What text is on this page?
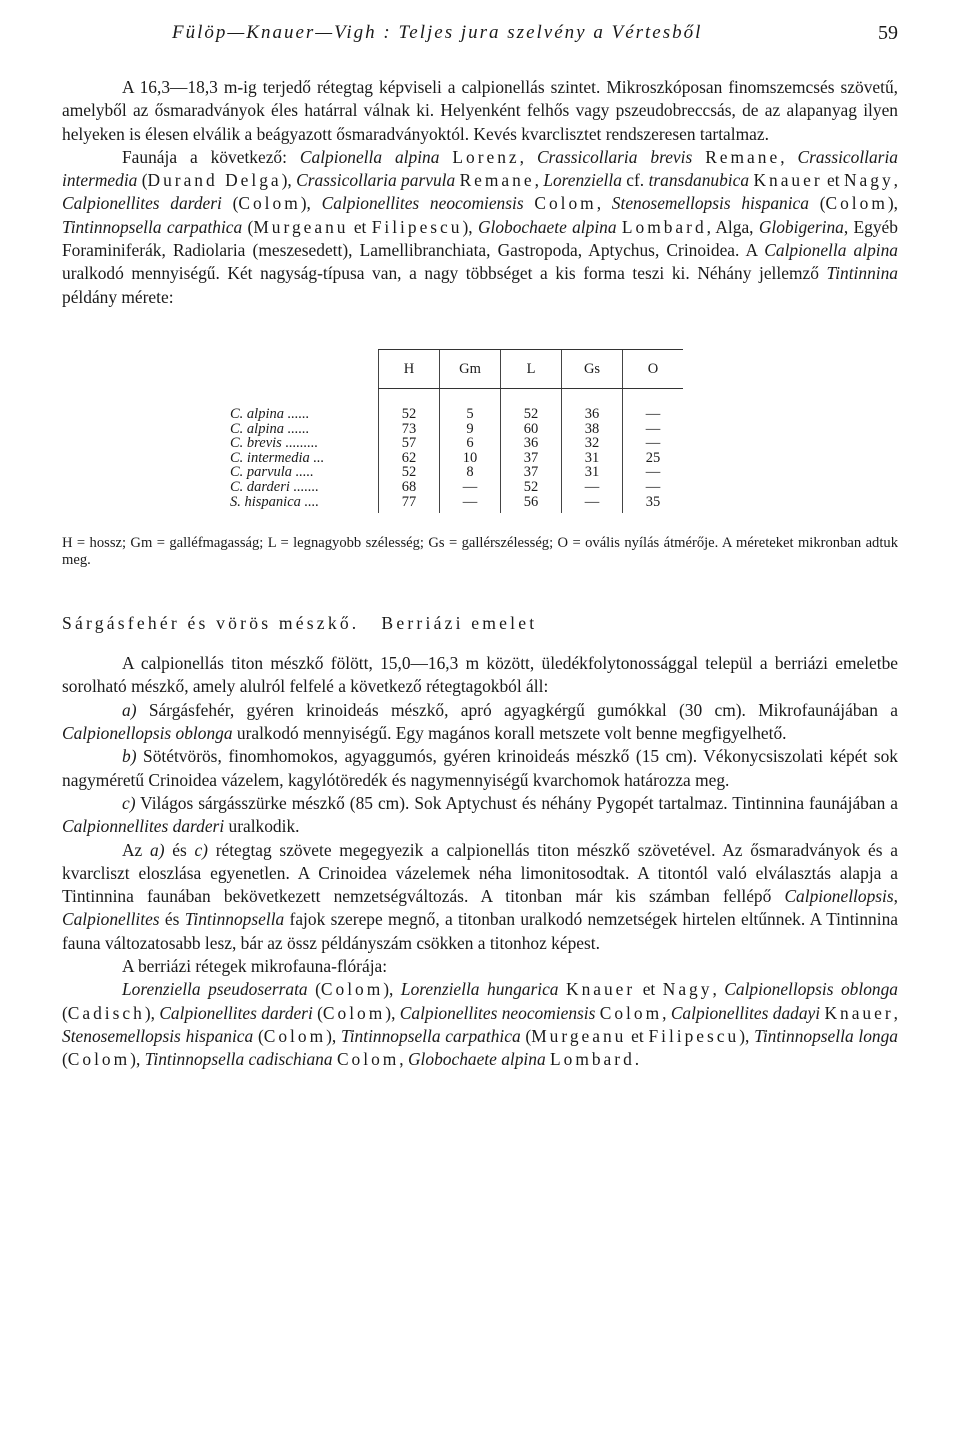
Fülöp—Knauer—Vigh : Teljes jura szelvény a Vértesből	59

A 16,3—18,3 m-ig terjedő rétegtag képviseli a calpionellás szintet. Mikroszkóposan finomszemcsés szövetű, amelyből az ősmaradványok éles határral válnak ki. Helyenként felhős vagy pszeudobreccsás, de az alapanyag ilyen helyeken is élesen elválik a beágyazott ősmaradványoktól. Kevés kvarclisztet rendszeresen tartalmaz.

Faunája a következő: Calpionella alpina Lorenz, Crassicollaria brevis Remane, Crassicollaria intermedia (Durand Delga), Crassicollaria parvula Remane, Lorenziella cf. transdanubica Knauer et Nagy, Calpionellites darderi (Colom), Calpionellites neocomiensis Colom, Stenosemellopsis hispanica (Colom), Tintinnopsella carpathica (Murgeanu et Filipescu), Globochaete alpina Lombard, Alga, Globigerina, Egyéb Foraminiferák, Radiolaria (meszesedett), Lamellibranchiata, Gastropoda, Aptychus, Crinoidea. A Calpionella alpina uralkodó mennyiségű. Két nagyság-típusa van, a nagy többséget a kis forma teszi ki. Néhány jellemző Tintinnina példány mérete:

	H	Gm	L	Gs	O
C. alpina ......	52	5	52	36	—
C. alpina ......	73	9	60	38	—
C. brevis .........	57	6	36	32	—
C. intermedia ...	62	10	37	31	25
C. parvula .....	52	8	37	31	—
C. darderi .......	68	—	52	—	—
S. hispanica ....	77	—	56	—	35

H = hossz; Gm = galléfmagasság; L = legnagyobb szélesség; Gs = gallérszélesség; O = ovális nyílás átmérője. A méreteket mikronban adtuk meg.

Sárgásfehér és vörös mészkő. Berriázi emelet

A calpionellás titon mészkő fölött, 15,0—16,3 m között, üledékfolytonossággal települ a berriázi emeletbe sorolható mészkő, amely alulról felfelé a következő rétegtagokból áll:

a) Sárgásfehér, gyéren krinoideás mészkő, apró agyagkérgű gumókkal (30 cm). Mikrofaunájában a Calpionellopsis oblonga uralkodó mennyiségű. Egy magános korall metszete volt benne megfigyelhető.

b) Sötétvörös, finomhomokos, agyaggumós, gyéren krinoideás mészkő (15 cm). Vékonycsiszolati képét sok nagyméretű Crinoidea vázelem, kagylótöredék és nagymennyiségű kvarchomok határozza meg.

c) Világos sárgásszürke mészkő (85 cm). Sok Aptychust és néhány Pygopét tartalmaz. Tintinnina faunájában a Calpionnellites darderi uralkodik.

Az a) és c) rétegtag szövete megegyezik a calpionellás titon mészkő szövetével. Az ősmaradványok és a kvarcliszt eloszlása egyenetlen. A Crinoidea vázelemek néha limonitosodtak. A titontól való elválasztás alapja a Tintinnina faunában bekövetkezett nemzetségváltozás. A titonban már kis számban fellépő Calpionellopsis, Calpionellites és Tintinnopsella fajok szerepe megnő, a titonban uralkodó nemzetségek hirtelen eltűnnek. A Tintinnina fauna változatosabb lesz, bár az össz példányszám csökken a titonhoz képest.

A berriázi rétegek mikrofauna-flórája:

Lorenziella pseudoserrata (Colom), Lorenziella hungarica Knauer et Nagy, Calpionellopsis oblonga (Cadisch), Calpionellites darderi (Colom), Calpionellites neocomiensis Colom, Calpionellites dadayi Knauer, Stenosemellopsis hispanica (Colom), Tintinnopsella carpathica (Murgeanu et Filipescu), Tintinnopsella longa (Colom), Tintinnopsella cadischiana Colom, Globochaete alpina Lombard.
